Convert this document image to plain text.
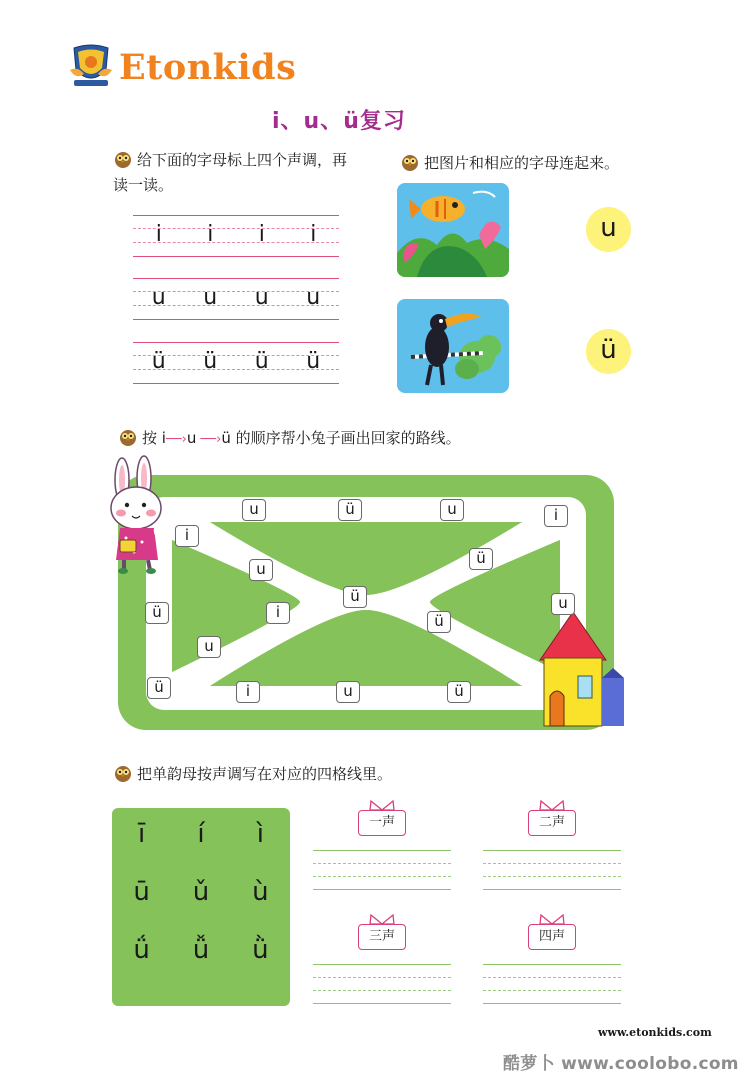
Etonkids
i、u、ü复习
给下面的字母标上四个声调，再
读一读。
i i i i
u u u u
ü ü ü ü
把图片和相应的字母连起来。
u
ü
按 i──›u ──›ü 的顺序帮小兔子画出回家的路线。
u	ü	u	i
i
u
ü
ü	u
ü	i	ü
u
ü	i	u	ü
把单韵母按声调写在对应的四格线里。
ī	í	ì
ū	ǔ	ù
ǘ	ǚ	ǜ
一声	二声
三声	四声
www.etonkids.com
酷萝卜 www.coolobo.com
